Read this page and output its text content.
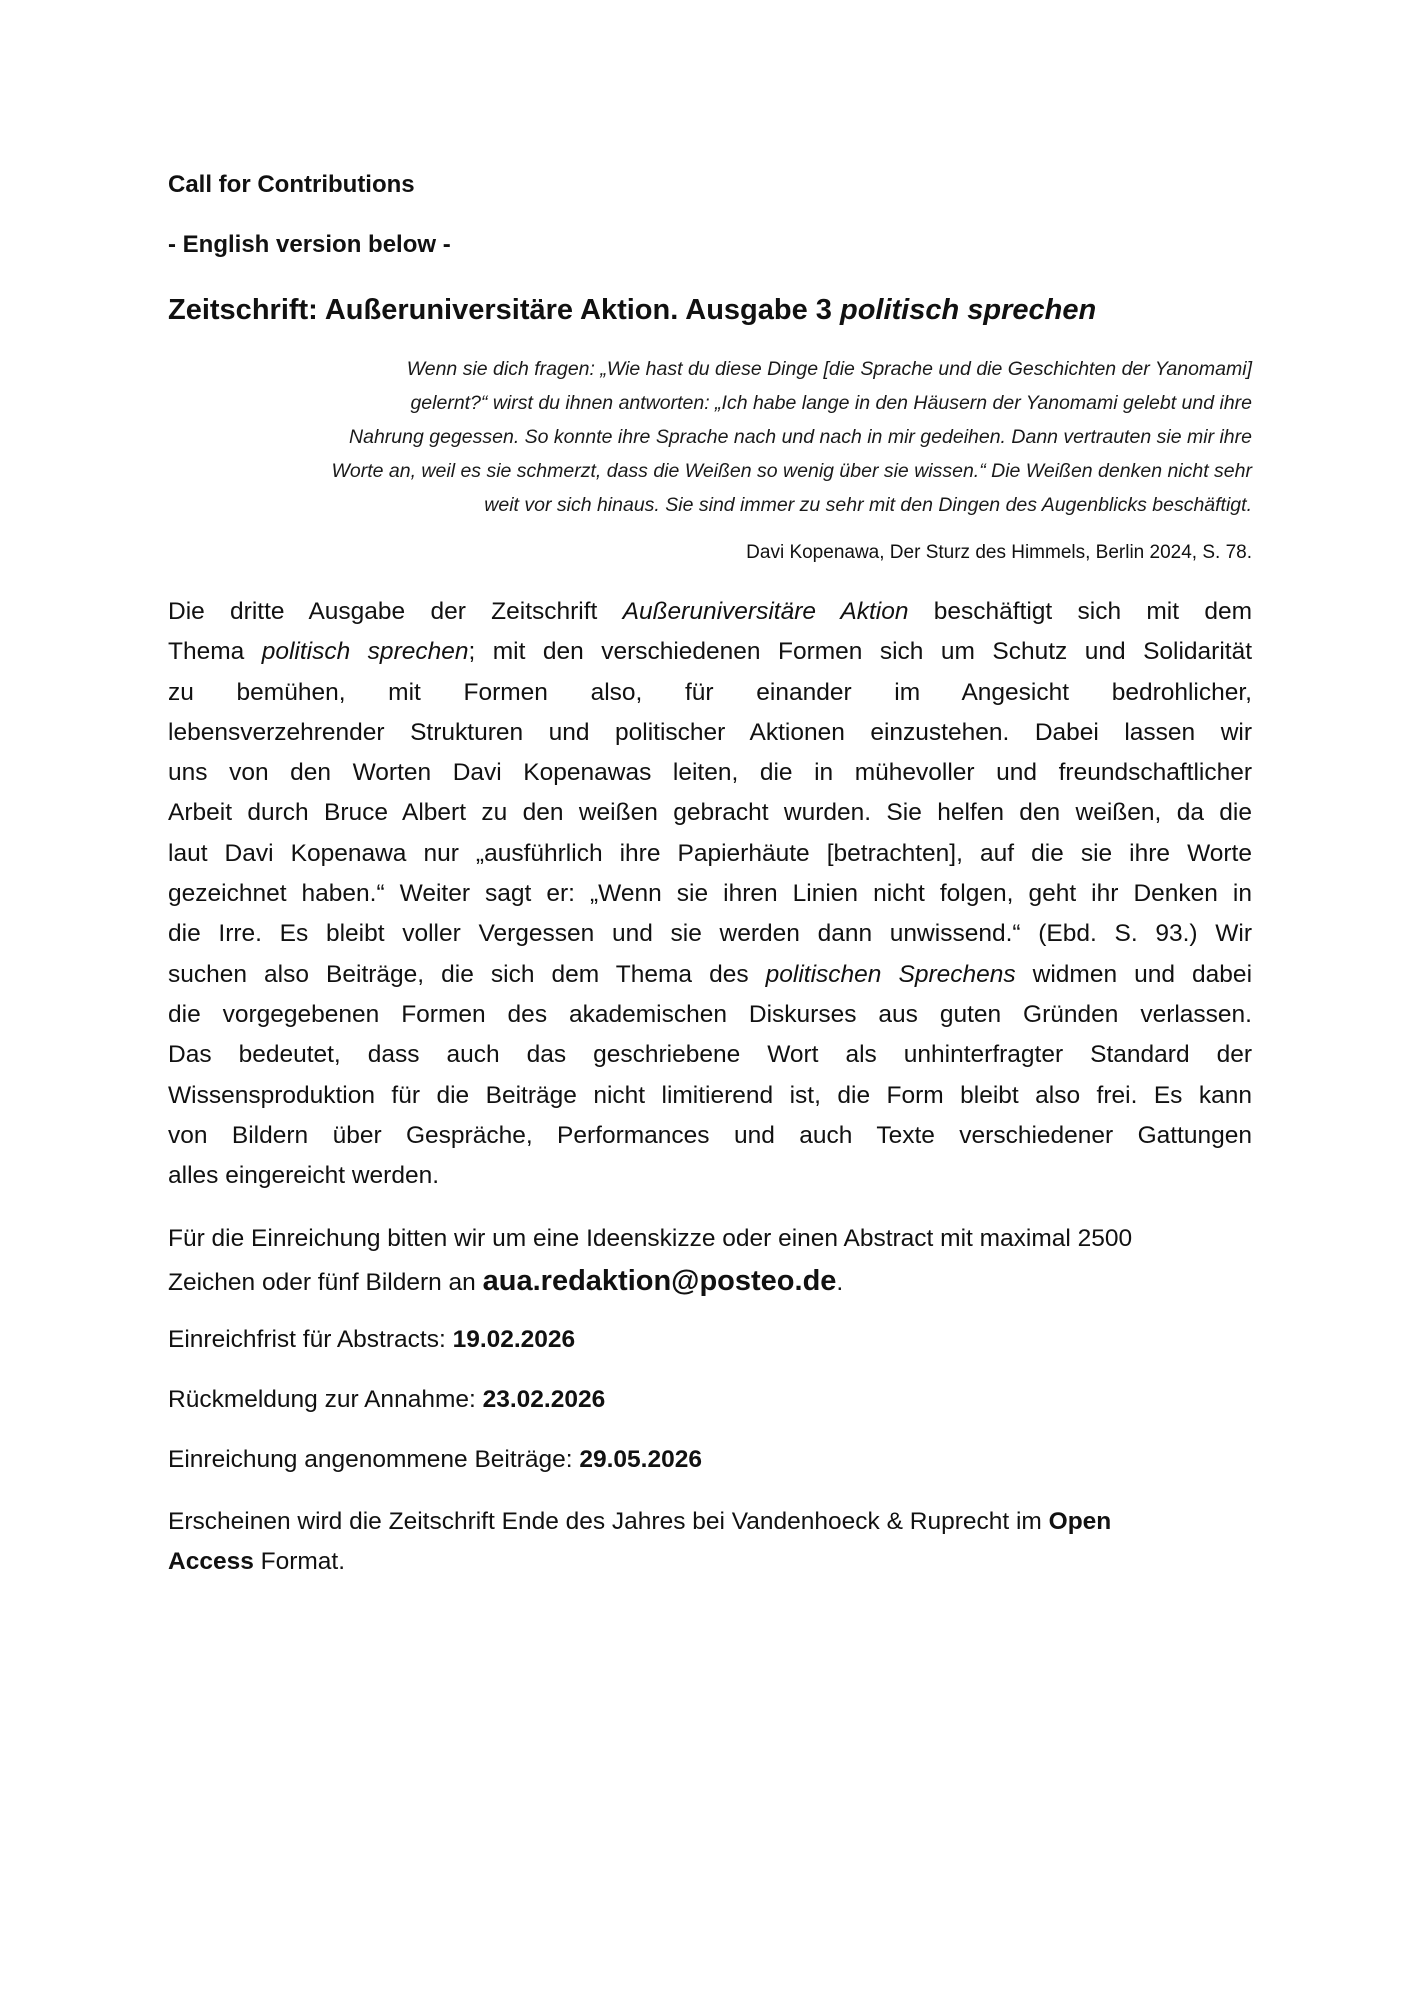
Call for Contributions
- English version below -
Zeitschrift: Außeruniversitäre Aktion. Ausgabe 3 politisch sprechen
Wenn sie dich fragen: „Wie hast du diese Dinge [die Sprache und die Geschichten der Yanomami]
gelernt?“ wirst du ihnen antworten: „Ich habe lange in den Häusern der Yanomami gelebt und ihre
Nahrung gegessen. So konnte ihre Sprache nach und nach in mir gedeihen. Dann vertrauten sie mir ihre
Worte an, weil es sie schmerzt, dass die Weißen so wenig über sie wissen.“ Die Weißen denken nicht sehr
weit vor sich hinaus. Sie sind immer zu sehr mit den Dingen des Augenblicks beschäftigt.

Davi Kopenawa, Der Sturz des Himmels, Berlin 2024, S. 78.

Die dritte Ausgabe der Zeitschrift Außeruniversitäre Aktion beschäftigt sich mit dem
Thema politisch sprechen; mit den verschiedenen Formen sich um Schutz und Solidarität
zu bemühen, mit Formen also, für einander im Angesicht bedrohlicher,
lebensverzehrender Strukturen und politischer Aktionen einzustehen. Dabei lassen wir
uns von den Worten Davi Kopenawas leiten, die in mühevoller und freundschaftlicher
Arbeit durch Bruce Albert zu den weißen gebracht wurden. Sie helfen den weißen, da die
laut Davi Kopenawa nur „ausführlich ihre Papierhäute [betrachten], auf die sie ihre Worte
gezeichnet haben.“ Weiter sagt er: „Wenn sie ihren Linien nicht folgen, geht ihr Denken in
die Irre. Es bleibt voller Vergessen und sie werden dann unwissend.“ (Ebd. S. 93.) Wir
suchen also Beiträge, die sich dem Thema des politischen Sprechens widmen und dabei
die vorgegebenen Formen des akademischen Diskurses aus guten Gründen verlassen.
Das bedeutet, dass auch das geschriebene Wort als unhinterfragter Standard der
Wissensproduktion für die Beiträge nicht limitierend ist, die Form bleibt also frei. Es kann
von Bildern über Gespräche, Performances und auch Texte verschiedener Gattungen
alles eingereicht werden.
Für die Einreichung bitten wir um eine Ideenskizze oder einen Abstract mit maximal 2500
Zeichen oder fünf Bildern an aua.redaktion@posteo.de.

Einreichfrist für Abstracts: 19.02.2026

Rückmeldung zur Annahme: 23.02.2026

Einreichung angenommene Beiträge: 29.05.2026

Erscheinen wird die Zeitschrift Ende des Jahres bei Vandenhoeck & Ruprecht im Open
Access Format.
